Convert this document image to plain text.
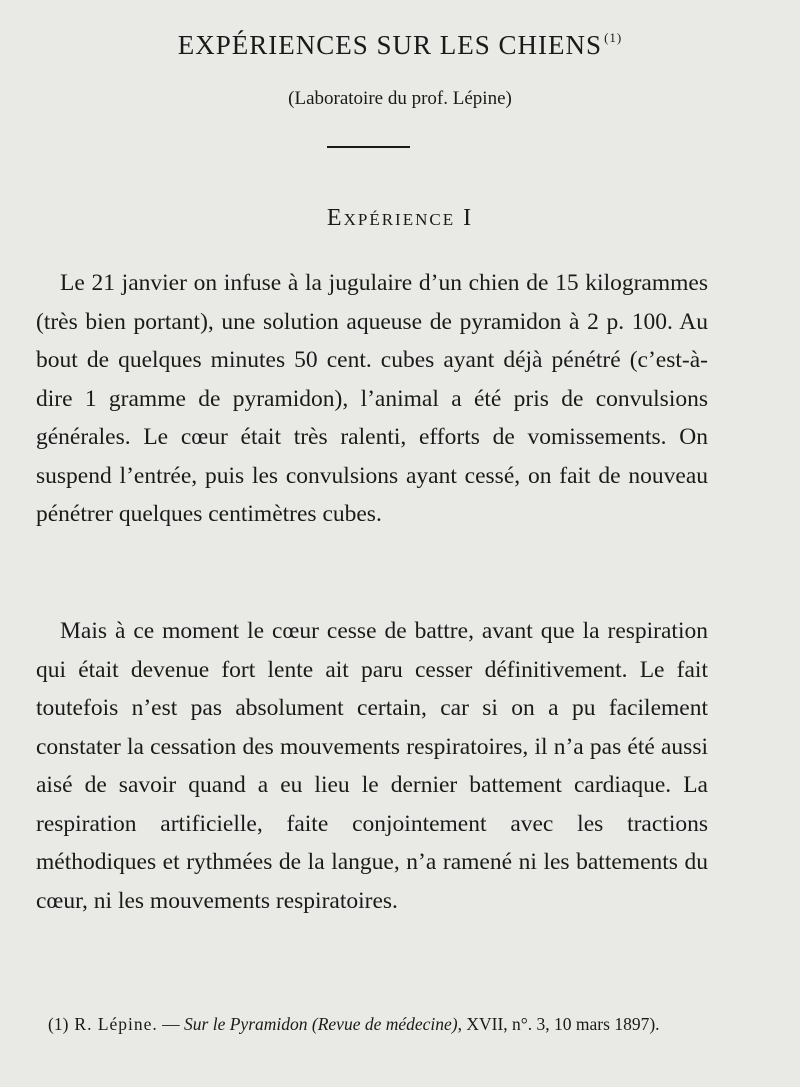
EXPÉRIENCES SUR LES CHIENS $^{(1)}$
(Laboratoire du prof. Lépine)
Expérience I

Le 21 janvier on infuse à la jugulaire d’un chien de 15 kilogrammes (très bien portant), une solution aqueuse de pyramidon à 2 p. 100. Au bout de quelques minutes 50 cent. cubes ayant déjà pénétré (c’est-à-dire 1 gramme de pyramidon), l’animal a été pris de convulsions générales. Le cœur était très ralenti, efforts de vomissements. On suspend l’entrée, puis les convulsions ayant cessé, on fait de nouveau pénétrer quelques centimètres cubes.

Mais à ce moment le cœur cesse de battre, avant que la respiration qui était devenue fort lente ait paru cesser définitivement. Le fait toutefois n’est pas absolument certain, car si on a pu facilement constater la cessation des mouvements respiratoires, il n’a pas été aussi aisé de savoir quand a eu lieu le dernier battement cardiaque. La respiration artificielle, faite conjointement avec les tractions méthodiques et rythmées de la langue, n’a ramené ni les battements du cœur, ni les mouvements respiratoires.

(1) R. Lépine. — Sur le Pyramidon (Revue de médecine), XVII, n°. 3, 10 mars 1897).
